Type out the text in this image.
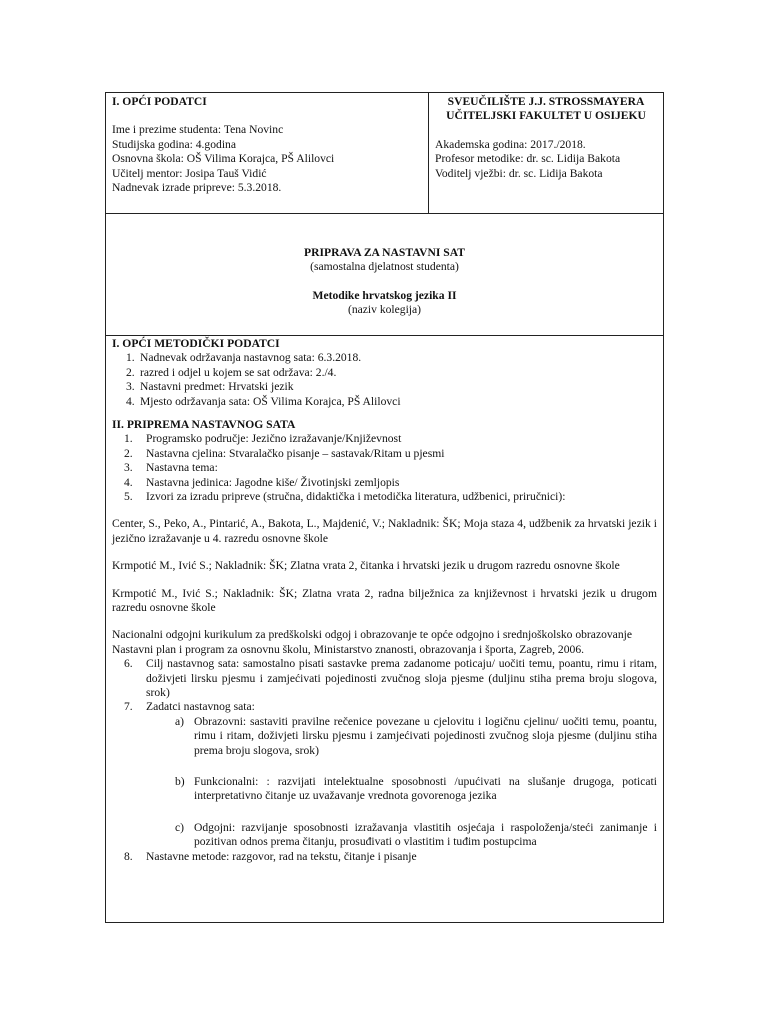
I. OPĆI PODATCI
Ime i prezime studenta: Tena Novinc
Studijska godina: 4.godina
Osnovna škola: OŠ Vilima Korajca, PŠ Alilovci
Učitelj mentor: Josipa Tauš Vidić
Nadnevak izrade pripreve: 5.3.2018.

SVEUČILIŠTE J.J. STROSSMAYERA
UČITELJSKI FAKULTET U OSIJEKU
Akademska godina: 2017./2018.
Profesor metodike: dr. sc. Lidija Bakota
Voditelj vježbi: dr. sc. Lidija Bakota

PRIPRAVA ZA NASTAVNI SAT
(samostalna djelatnost studenta)
Metodike hrvatskog jezika II
(naziv kolegija)

I. OPĆI METODIČKI PODATCI
1. Nadnevak održavanja nastavnog sata: 6.3.2018.
2. razred i odjel u kojem se sat održava: 2./4.
3. Nastavni predmet: Hrvatski jezik
4. Mjesto održavanja sata: OŠ Vilima Korajca, PŠ Alilovci
II. PRIPREMA NASTAVNOG SATA
1. Programsko područje: Jezično izražavanje/Književnost
2. Nastavna cjelina: Stvaralačko pisanje – sastavak/Ritam u pjesmi
3. Nastavna tema:
4. Nastavna jedinica: Jagodne kiše/ Životinjski zemljopis
5. Izvori za izradu pripreve (stručna, didaktička i metodička literatura, udžbenici, priručnici):
Center, S., Peko, A., Pintarić, A., Bakota, L., Majdenić, V.; Nakladnik: ŠK; Moja staza 4, udžbenik za hrvatski jezik i jezično izražavanje u 4. razredu osnovne škole
Krmpotić M., Ivić S.; Nakladnik: ŠK; Zlatna vrata 2, čitanka i hrvatski jezik u drugom razredu osnovne škole
Krmpotić M., Ivić S.; Nakladnik: ŠK; Zlatna vrata 2, radna bilježnica za književnost i hrvatski jezik u drugom razredu osnovne škole
Nacionalni odgojni kurikulum za predškolski odgoj i obrazovanje te opće odgojno i srednjoškolsko obrazovanje
Nastavni plan i program za osnovnu školu, Ministarstvo znanosti, obrazovanja i športa, Zagreb, 2006.
6.	Cilj nastavnog sata: samostalno pisati sastavke prema zadanome poticaju/ uočiti temu, poantu, rimu i ritam, doživjeti lirsku pjesmu i zamjećivati pojedinosti zvučnog sloja pjesme (duljinu stiha prema broju slogova, srok)
7.	Zadatci nastavnog sata:
a) Obrazovni: sastaviti pravilne rečenice povezane u cjelovitu i logičnu cjelinu/ uočiti temu, poantu, rimu i ritam, doživjeti lirsku pjesmu i zamjećivati pojedinosti zvučnog sloja pjesme (duljinu stiha prema broju slogova, srok)
b) Funkcionalni: : razvijati intelektualne sposobnosti /upućivati na slušanje drugoga, poticati interpretativno čitanje uz uvažavanje vrednota govorenoga jezika
c) Odgojni: razvijanje sposobnosti izražavanja vlastitih osjećaja i raspoloženja/steći zanimanje i pozitivan odnos prema čitanju, prosuđivati o vlastitim i tuđim postupcima
8.	Nastavne metode: razgovor, rad na tekstu, čitanje i pisanje
